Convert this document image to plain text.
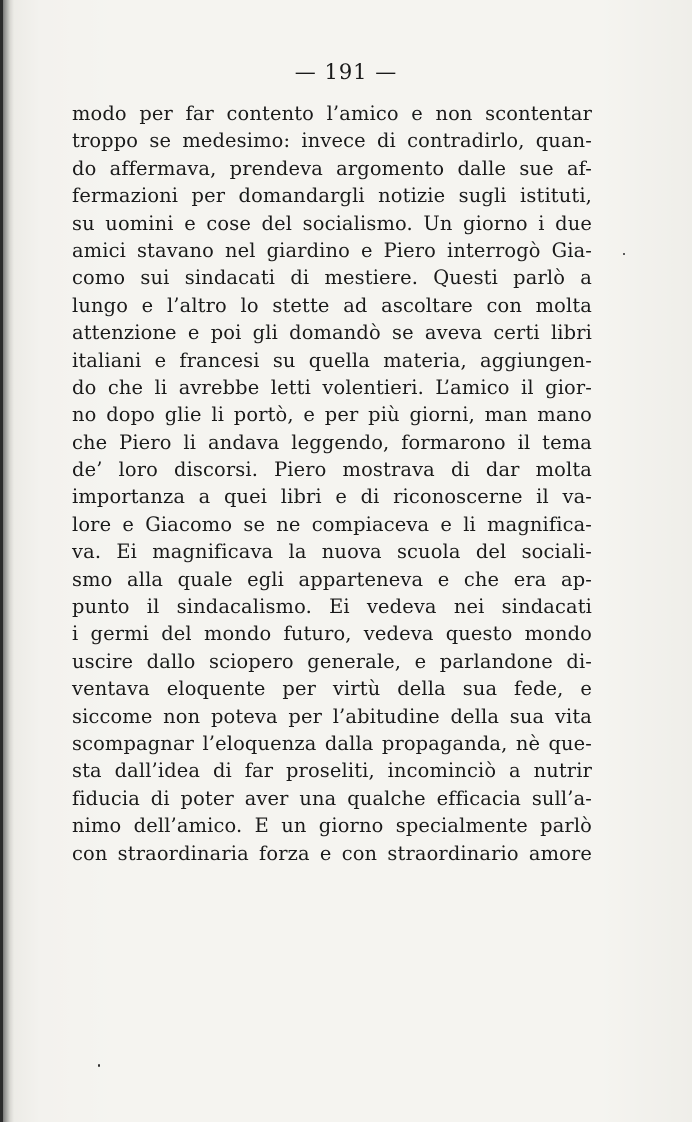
— 191 —
modo per far contento l’amico e non scontentar
troppo se medesimo: invece di contradirlo, quan-
do affermava, prendeva argomento dalle sue af-
fermazioni per domandargli notizie sugli istituti,
su uomini e cose del socialismo. Un giorno i due
amici stavano nel giardino e Piero interrogò Gia-
como sui sindacati di mestiere. Questi parlò a
lungo e l’altro lo stette ad ascoltare con molta
attenzione e poi gli domandò se aveva certi libri
italiani e francesi su quella materia, aggiungen-
do che li avrebbe letti volentieri. L’amico il gior-
no dopo glie li portò, e per più giorni, man mano
che Piero li andava leggendo, formarono il tema
de’ loro discorsi. Piero mostrava di dar molta
importanza a quei libri e di riconoscerne il va-
lore e Giacomo se ne compiaceva e li magnifica-
va. Ei magnificava la nuova scuola del sociali-
smo alla quale egli apparteneva e che era ap-
punto il sindacalismo. Ei vedeva nei sindacati
i germi del mondo futuro, vedeva questo mondo
uscire dallo sciopero generale, e parlandone di-
ventava eloquente per virtù della sua fede, e
siccome non poteva per l’abitudine della sua vita
scompagnar l’eloquenza dalla propaganda, nè que-
sta dall’idea di far proseliti, incominciò a nutrir
fiducia di poter aver una qualche efficacia sull’a-
nimo dell’amico. E un giorno specialmente parlò
con straordinaria forza e con straordinario amore
